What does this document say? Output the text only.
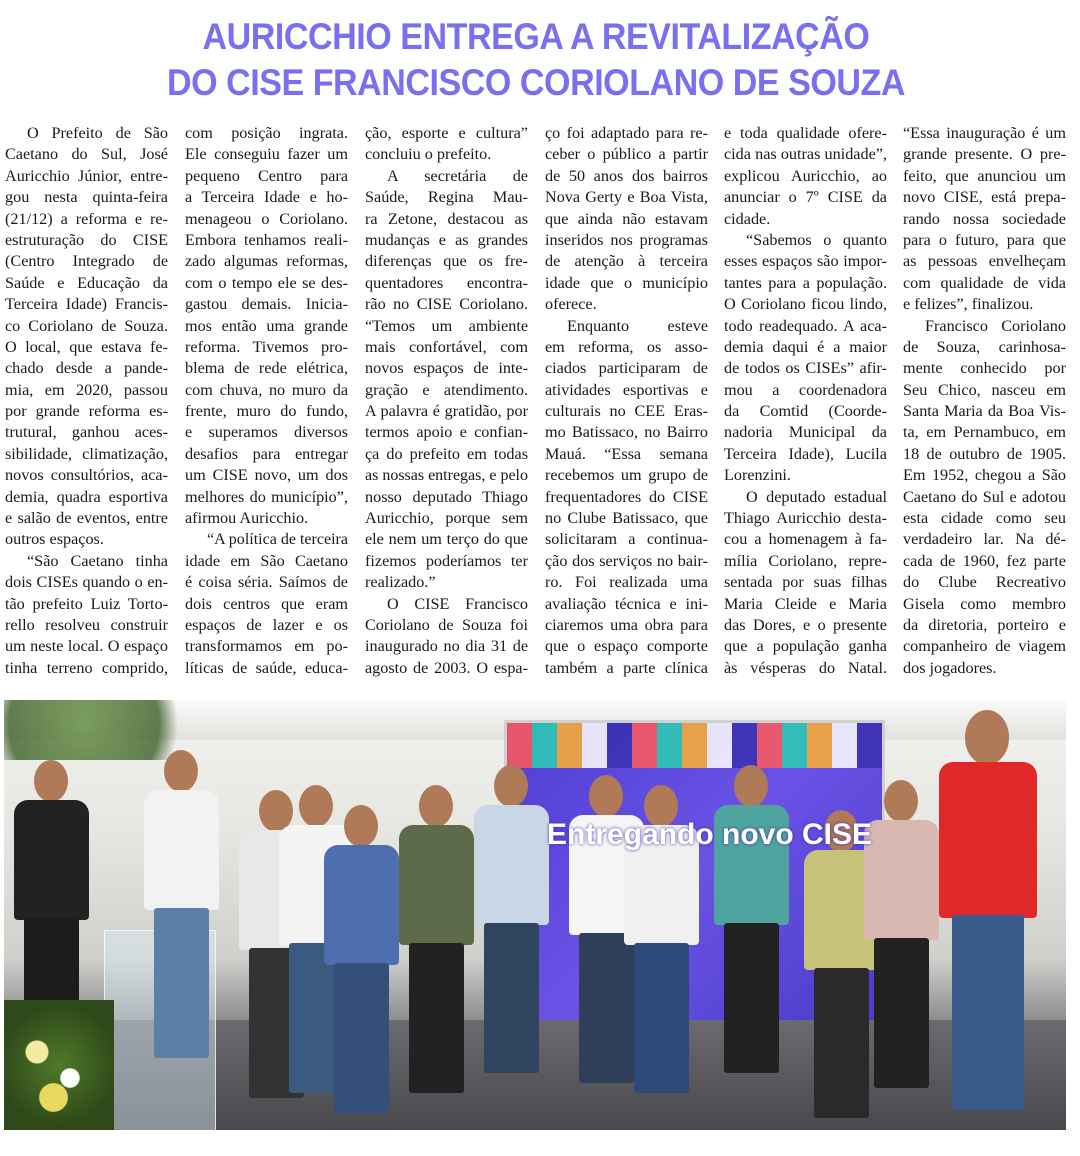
AURICCHIO ENTREGA A REVITALIZAÇÃO
DO CISE FRANCISCO CORIOLANO DE SOUZA
O Prefeito de São
Caetano do Sul, José
Auricchio Júnior, entre-
gou nesta quinta-feira
(21/12) a reforma e re-
estruturação do CISE
(Centro Integrado de
Saúde e Educação da
Terceira Idade) Francis-
co Coriolano de Souza.
O local, que estava fe-
chado desde a pande-
mia, em 2020, passou
por grande reforma es-
trutural, ganhou aces-
sibilidade, climatização,
novos consultórios, aca-
demia, quadra esportiva
e salão de eventos, entre
outros espaços.
“São Caetano tinha
dois CISEs quando o en-
tão prefeito Luiz Torto-
rello resolveu construir
um neste local. O espaço
tinha terreno comprido,
com posição ingrata.
Ele conseguiu fazer um
pequeno Centro para
a Terceira Idade e ho-
menageou o Coriolano.
Embora tenhamos reali-
zado algumas reformas,
com o tempo ele se des-
gastou demais. Inicia-
mos então uma grande
reforma. Tivemos pro-
blema de rede elétrica,
com chuva, no muro da
frente, muro do fundo,
e superamos diversos
desafios para entregar
um CISE novo, um dos
melhores do município”,
afirmou Auricchio.
“A política de terceira
idade em São Caetano
é coisa séria. Saímos de
dois centros que eram
espaços de lazer e os
transformamos em po-
líticas de saúde, educa-
ção, esporte e cultura”
concluiu o prefeito.
A secretária de
Saúde, Regina Mau-
ra Zetone, destacou as
mudanças e as grandes
diferenças que os fre-
quentadores encontra-
rão no CISE Coriolano.
“Temos um ambiente
mais confortável, com
novos espaços de inte-
gração e atendimento.
A palavra é gratidão, por
termos apoio e confian-
ça do prefeito em todas
as nossas entregas, e pelo
nosso deputado Thiago
Auricchio, porque sem
ele nem um terço do que
fizemos poderíamos ter
realizado.”
O CISE Francisco
Coriolano de Souza foi
inaugurado no dia 31 de
agosto de 2003. O espa-
ço foi adaptado para re-
ceber o público a partir
de 50 anos dos bairros
Nova Gerty e Boa Vista,
que ainda não estavam
inseridos nos programas
de atenção à terceira
idade que o município
oferece.
Enquanto esteve
em reforma, os asso-
ciados participaram de
atividades esportivas e
culturais no CEE Eras-
mo Batissaco, no Bairro
Mauá. “Essa semana
recebemos um grupo de
frequentadores do CISE
no Clube Batissaco, que
solicitaram a continua-
ção dos serviços no bair-
ro. Foi realizada uma
avaliação técnica e ini-
ciaremos uma obra para
que o espaço comporte
também a parte clínica
e toda qualidade ofere-
cida nas outras unidade”,
explicou Auricchio, ao
anunciar o 7º CISE da
cidade.
“Sabemos o quanto
esses espaços são impor-
tantes para a população.
O Coriolano ficou lindo,
todo readequado. A aca-
demia daqui é a maior
de todos os CISEs” afir-
mou a coordenadora
da Comtid (Coorde-
nadoria Municipal da
Terceira Idade), Lucila
Lorenzini.
O deputado estadual
Thiago Auricchio desta-
cou a homenagem à fa-
mília Coriolano, repre-
sentada por suas filhas
Maria Cleide e Maria
das Dores, e o presente
que a população ganha
às vésperas do Natal.
“Essa inauguração é um
grande presente. O pre-
feito, que anunciou um
novo CISE, está prepa-
rando nossa sociedade
para o futuro, para que
as pessoas envelheçam
com qualidade de vida
e felizes”, finalizou.
Francisco Coriolano
de Souza, carinhosa-
mente conhecido por
Seu Chico, nasceu em
Santa Maria da Boa Vis-
ta, em Pernambuco, em
18 de outubro de 1905.
Em 1952, chegou a São
Caetano do Sul e adotou
esta cidade como seu
verdadeiro lar. Na dé-
cada de 1960, fez parte
do Clube Recreativo
Gisela como membro
da diretoria, porteiro e
companheiro de viagem
dos jogadores.
Entregando novo CISE
